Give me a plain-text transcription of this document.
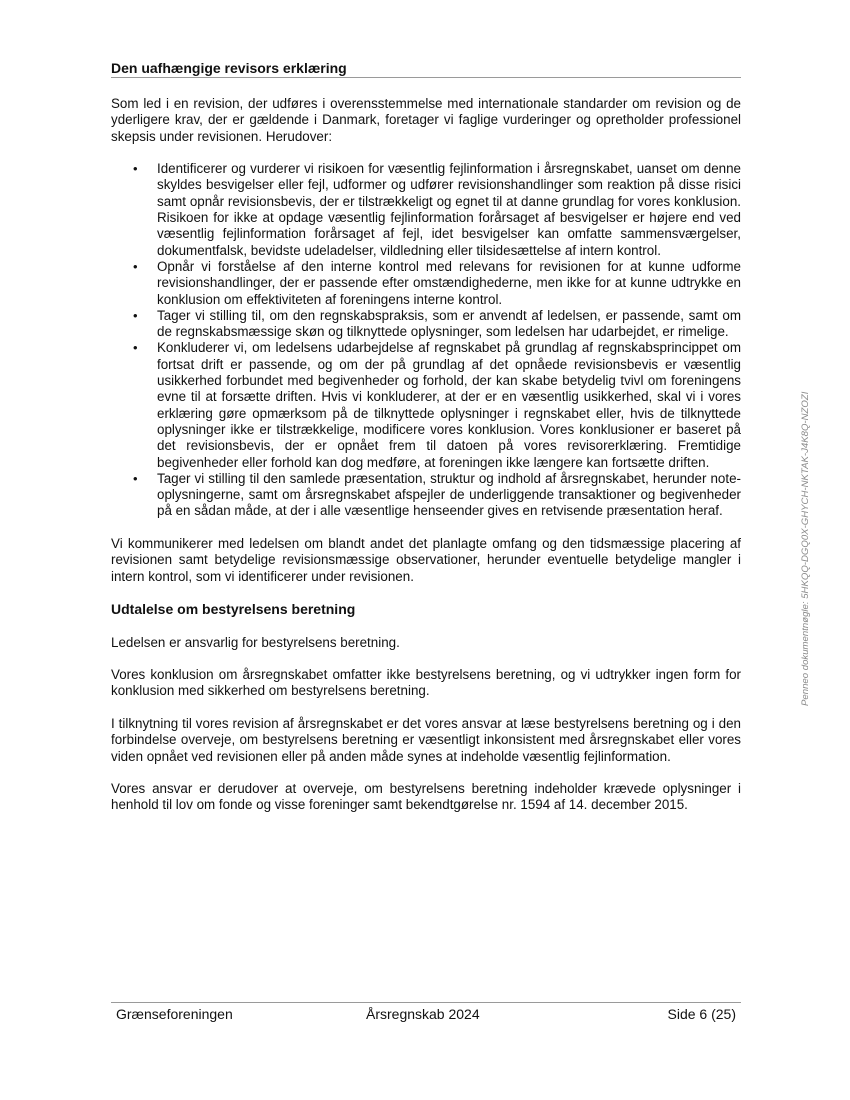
Den uafhængige revisors erklæring

Som led i en revision, der udføres i overensstemmelse med internationale standarder om revision og de yderligere krav, der er gældende i Danmark, foretager vi faglige vurderinger og opretholder professionel skepsis under revisionen. Herudover:

• Identificerer og vurderer vi risikoen for væsentlig fejlinformation i årsregnskabet, uanset om denne skyldes besvigelser eller fejl, udformer og udfører revisionshandlinger som reaktion på disse risici samt opnår revisionsbevis, der er tilstrækkeligt og egnet til at danne grundlag for vores konklusion. Risikoen for ikke at opdage væsentlig fejlinformation forårsaget af besvigelser er højere end ved væsentlig fejlinformation forårsaget af fejl, idet besvigelser kan omfatte sammensværgelser, dokumentfalsk, bevidste udeladelser, vildledning eller tilsidesættelse af intern kontrol.
• Opnår vi forståelse af den interne kontrol med relevans for revisionen for at kunne udforme revisionshandlinger, der er passende efter omstændighederne, men ikke for at kunne udtrykke en konklusion om effektiviteten af foreningens interne kontrol.
• Tager vi stilling til, om den regnskabspraksis, som er anvendt af ledelsen, er passende, samt om de regnskabsmæssige skøn og tilknyttede oplysninger, som ledelsen har udarbejdet, er rimelige.
• Konkluderer vi, om ledelsens udarbejdelse af regnskabet på grundlag af regnskabsprincippet om fortsat drift er passende, og om der på grundlag af det opnåede revisionsbevis er væsentlig usikkerhed forbundet med begivenheder og forhold, der kan skabe betydelig tvivl om foreningens evne til at forsætte driften. Hvis vi konkluderer, at der er en væsentlig usikkerhed, skal vi i vores erklæring gøre opmærksom på de tilknyttede oplysninger i regnskabet eller, hvis de tilknyttede oplysninger ikke er tilstrækkelige, modificere vores konklusion. Vores konklusioner er baseret på det revisionsbevis, der er opnået frem til datoen på vores revisorerklæring. Fremtidige begivenheder eller forhold kan dog medføre, at foreningen ikke længere kan fortsætte driften.
• Tager vi stilling til den samlede præsentation, struktur og indhold af årsregnskabet, herunder note-oplysningerne, samt om årsregnskabet afspejler de underliggende transaktioner og begivenheder på en sådan måde, at der i alle væsentlige henseender gives en retvisende præsentation heraf.

Vi kommunikerer med ledelsen om blandt andet det planlagte omfang og den tidsmæssige placering af revisionen samt betydelige revisionsmæssige observationer, herunder eventuelle betydelige mangler i intern kontrol, som vi identificerer under revisionen.

Udtalelse om bestyrelsens beretning

Ledelsen er ansvarlig for bestyrelsens beretning.

Vores konklusion om årsregnskabet omfatter ikke bestyrelsens beretning, og vi udtrykker ingen form for konklusion med sikkerhed om bestyrelsens beretning.

I tilknytning til vores revision af årsregnskabet er det vores ansvar at læse bestyrelsens beretning og i den forbindelse overveje, om bestyrelsens beretning er væsentligt inkonsistent med årsregnskabet eller vores viden opnået ved revisionen eller på anden måde synes at indeholde væsentlig fejlinformation.

Vores ansvar er derudover at overveje, om bestyrelsens beretning indeholder krævede oplysninger i henhold til lov om fonde og visse foreninger samt bekendtgørelse nr. 1594 af 14. december 2015.

Grænseforeningen	Årsregnskab 2024	Side 6 (25)
Penneo dokumentnøgle: 5HKQQ-DGQ0X-GHYCH-NKTAK-J4K8Q-NZOZI
